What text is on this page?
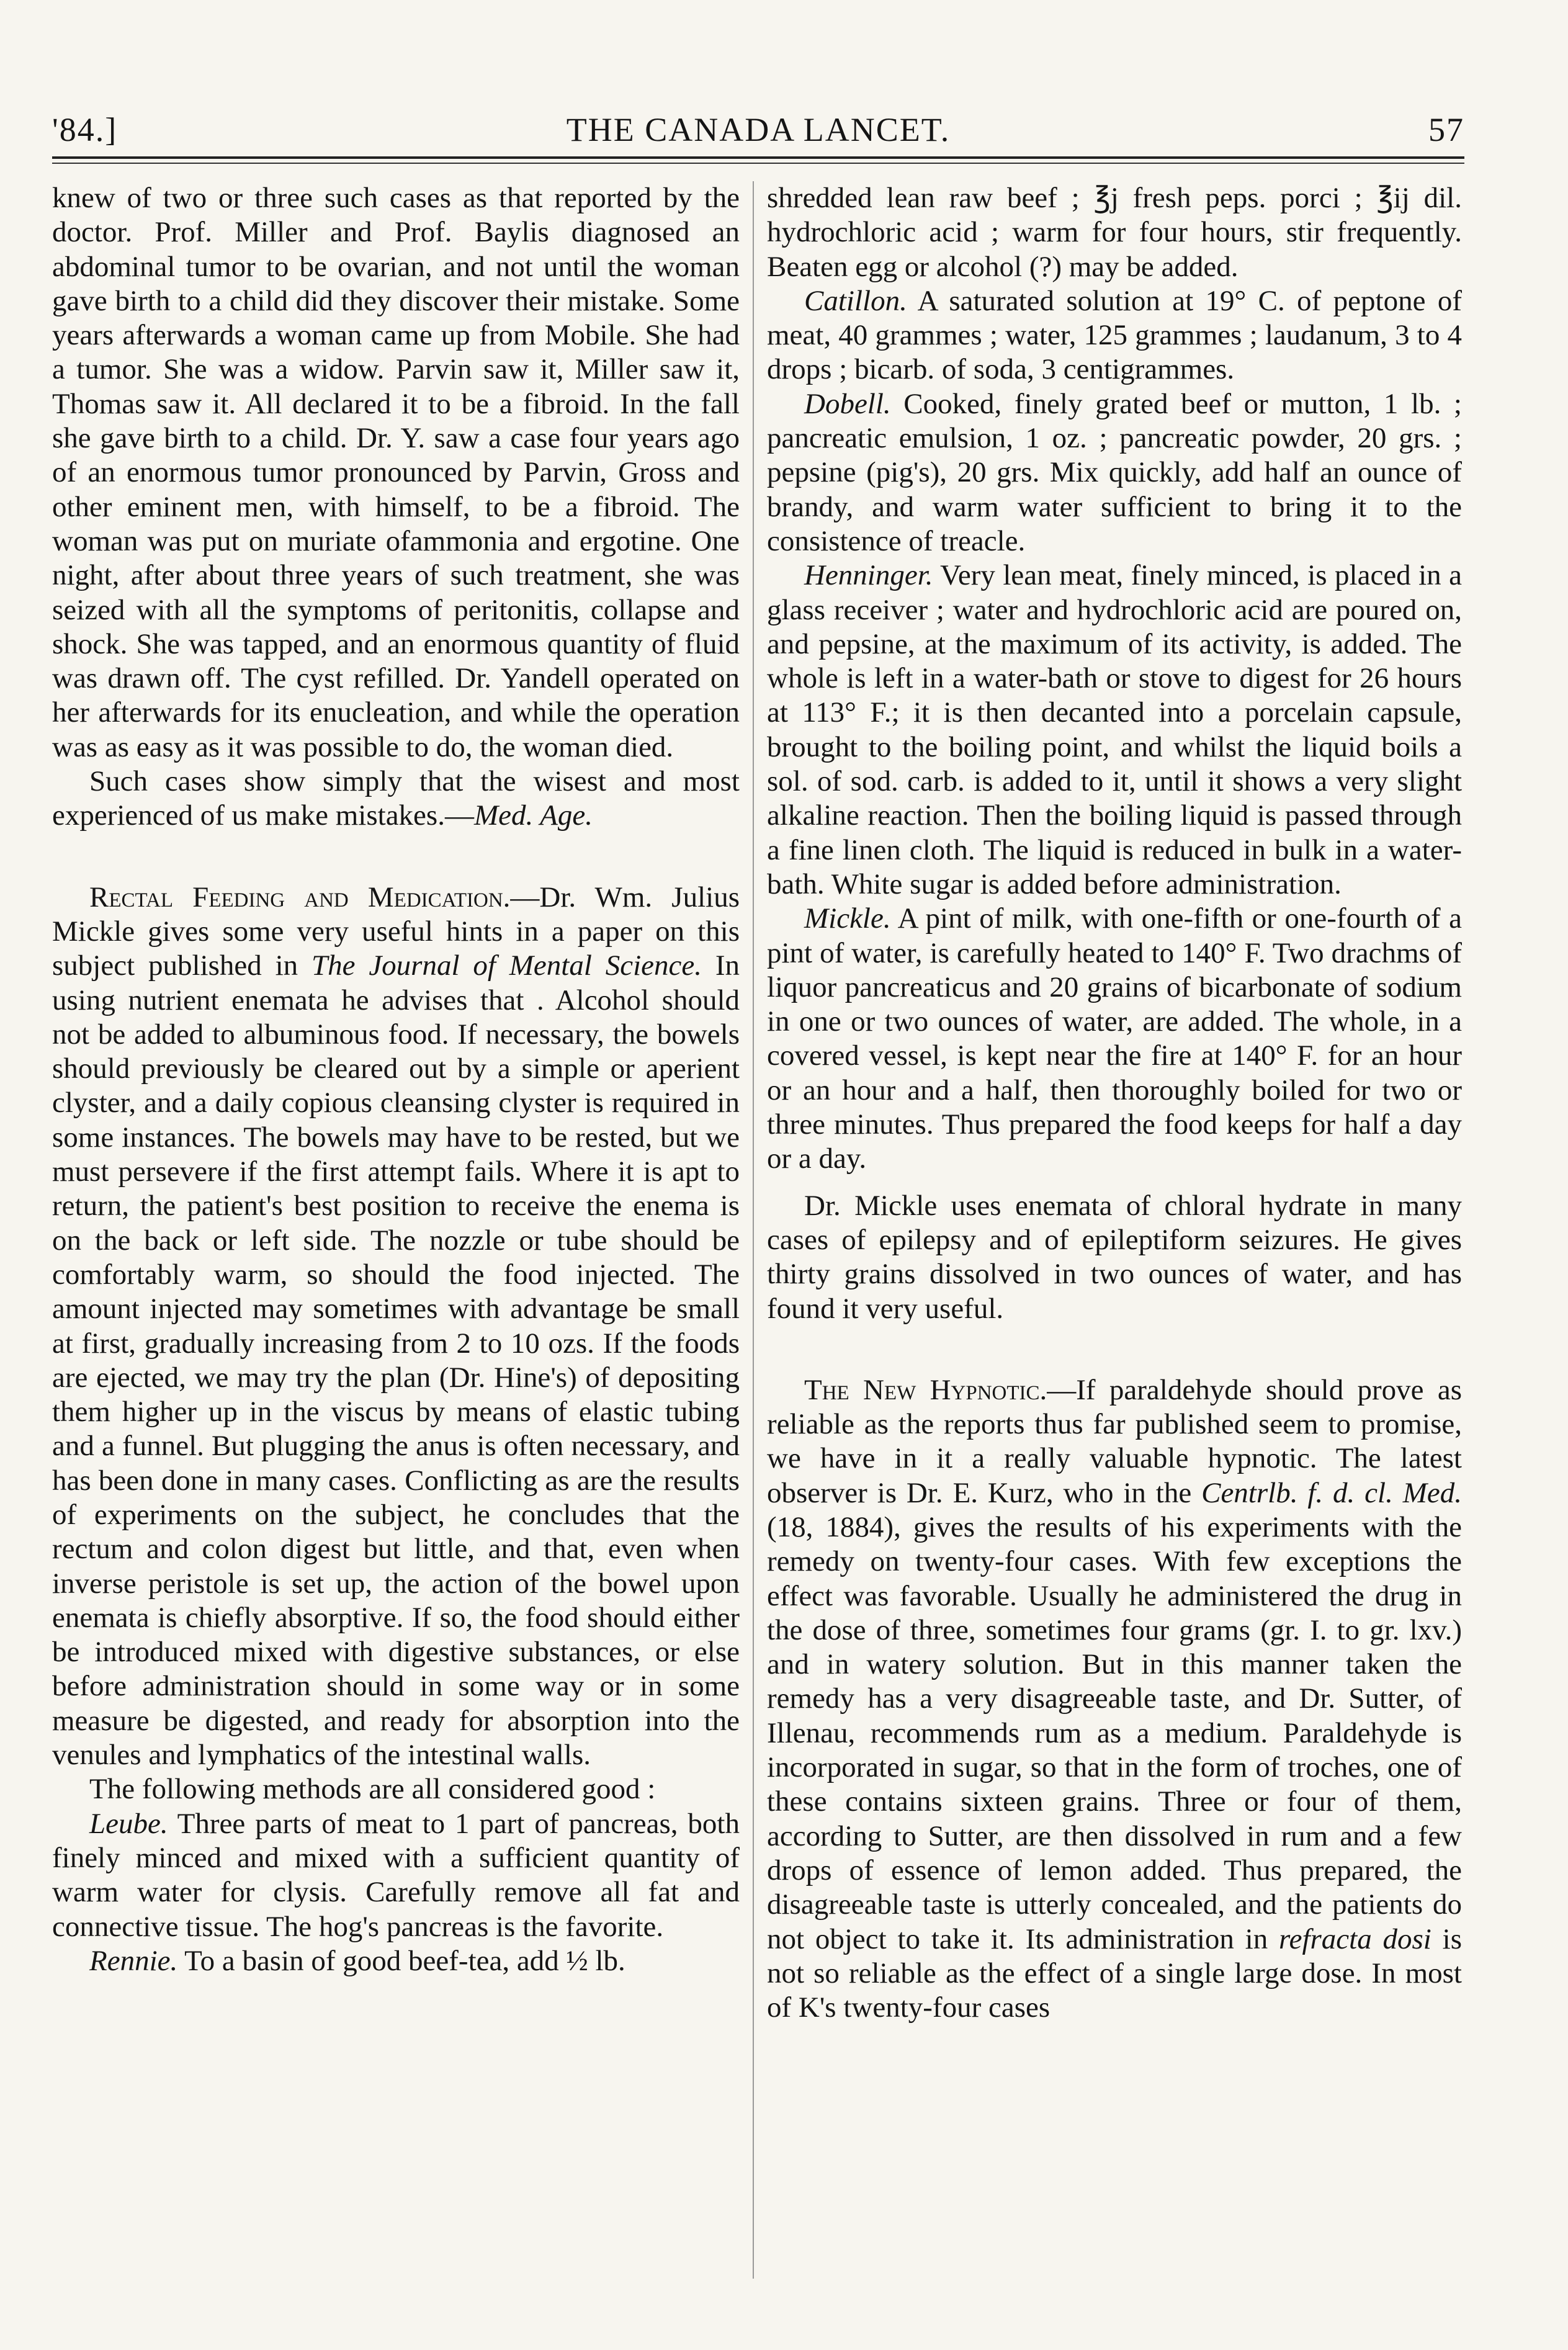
'84.]	THE CANADA LANCET.	57

knew of two or three such cases as that reported by the doctor. Prof. Miller and Prof. Baylis diagnosed an abdominal tumor to be ovarian, and not until the woman gave birth to a child did they discover their mistake. Some years afterwards a woman came up from Mobile. She had a tumor. She was a widow. Parvin saw it, Miller saw it, Thomas saw it. All declared it to be a fibroid. In the fall she gave birth to a child. Dr. Y. saw a case four years ago of an enormous tumor pronounced by Parvin, Gross and other eminent men, with himself, to be a fibroid. The woman was put on muriate ofammonia and ergotine. One night, after about three years of such treatment, she was seized with all the symptoms of peritonitis, collapse and shock. She was tapped, and an enormous quantity of fluid was drawn off. The cyst refilled. Dr. Yandell operated on her afterwards for its enucleation, and while the operation was as easy as it was possible to do, the woman died.

Such cases show simply that the wisest and most experienced of us make mistakes.—Med. Age.

Rectal Feeding and Medication.—Dr. Wm. Julius Mickle gives some very useful hints in a paper on this subject published in The Journal of Mental Science. In using nutrient enemata he advises that . Alcohol should not be added to albuminous food. If necessary, the bowels should previously be cleared out by a simple or aperient clyster, and a daily copious cleansing clyster is required in some instances. The bowels may have to be rested, but we must persevere if the first attempt fails. Where it is apt to return, the patient's best position to receive the enema is on the back or left side. The nozzle or tube should be comfortably warm, so should the food injected. The amount injected may sometimes with advantage be small at first, gradually increasing from 2 to 10 ozs. If the foods are ejected, we may try the plan (Dr. Hine's) of depositing them higher up in the viscus by means of elastic tubing and a funnel. But plugging the anus is often necessary, and has been done in many cases. Conflicting as are the results of experiments on the subject, he concludes that the rectum and colon digest but little, and that, even when inverse peristole is set up, the action of the bowel upon enemata is chiefly absorptive. If so, the food should either be introduced mixed with digestive substances, or else before administration should in some way or in some measure be digested, and ready for absorption into the venules and lymphatics of the intestinal walls.

The following methods are all considered good :

Leube. Three parts of meat to 1 part of pancreas, both finely minced and mixed with a sufficient quantity of warm water for clysis. Carefully remove all fat and connective tissue. The hog's pancreas is the favorite.

Rennie. To a basin of good beef-tea, add ½ lb.

shredded lean raw beef ; ℥j fresh peps. porci ; ℥ij dil. hydrochloric acid ; warm for four hours, stir frequently. Beaten egg or alcohol (?) may be added.

Catillon. A saturated solution at 19° C. of peptone of meat, 40 grammes ; water, 125 grammes ; laudanum, 3 to 4 drops ; bicarb. of soda, 3 centigrammes.

Dobell. Cooked, finely grated beef or mutton, 1 lb. ; pancreatic emulsion, 1 oz. ; pancreatic powder, 20 grs. ; pepsine (pig's), 20 grs. Mix quickly, add half an ounce of brandy, and warm water sufficient to bring it to the consistence of treacle.

Henninger. Very lean meat, finely minced, is placed in a glass receiver ; water and hydrochloric acid are poured on, and pepsine, at the maximum of its activity, is added. The whole is left in a water-bath or stove to digest for 26 hours at 113° F.; it is then decanted into a porcelain capsule, brought to the boiling point, and whilst the liquid boils a sol. of sod. carb. is added to it, until it shows a very slight alkaline reaction. Then the boiling liquid is passed through a fine linen cloth. The liquid is reduced in bulk in a water-bath. White sugar is added before administration.

Mickle. A pint of milk, with one-fifth or one-fourth of a pint of water, is carefully heated to 140° F. Two drachms of liquor pancreaticus and 20 grains of bicarbonate of sodium in one or two ounces of water, are added. The whole, in a covered vessel, is kept near the fire at 140° F. for an hour or an hour and a half, then thoroughly boiled for two or three minutes. Thus prepared the food keeps for half a day or a day.

Dr. Mickle uses enemata of chloral hydrate in many cases of epilepsy and of epileptiform seizures. He gives thirty grains dissolved in two ounces of water, and has found it very useful.

The New Hypnotic.—If paraldehyde should prove as reliable as the reports thus far published seem to promise, we have in it a really valuable hypnotic. The latest observer is Dr. E. Kurz, who in the Centrlb. f. d. cl. Med. (18, 1884), gives the results of his experiments with the remedy on twenty-four cases. With few exceptions the effect was favorable. Usually he administered the drug in the dose of three, sometimes four grams (gr. I. to gr. lxv.) and in watery solution. But in this manner taken the remedy has a very disagreeable taste, and Dr. Sutter, of Illenau, recommends rum as a medium. Paraldehyde is incorporated in sugar, so that in the form of troches, one of these contains sixteen grains. Three or four of them, according to Sutter, are then dissolved in rum and a few drops of essence of lemon added. Thus prepared, the disagreeable taste is utterly concealed, and the patients do not object to take it. Its administration in refracta dosi is not so reliable as the effect of a single large dose. In most of K's twenty-four cases
